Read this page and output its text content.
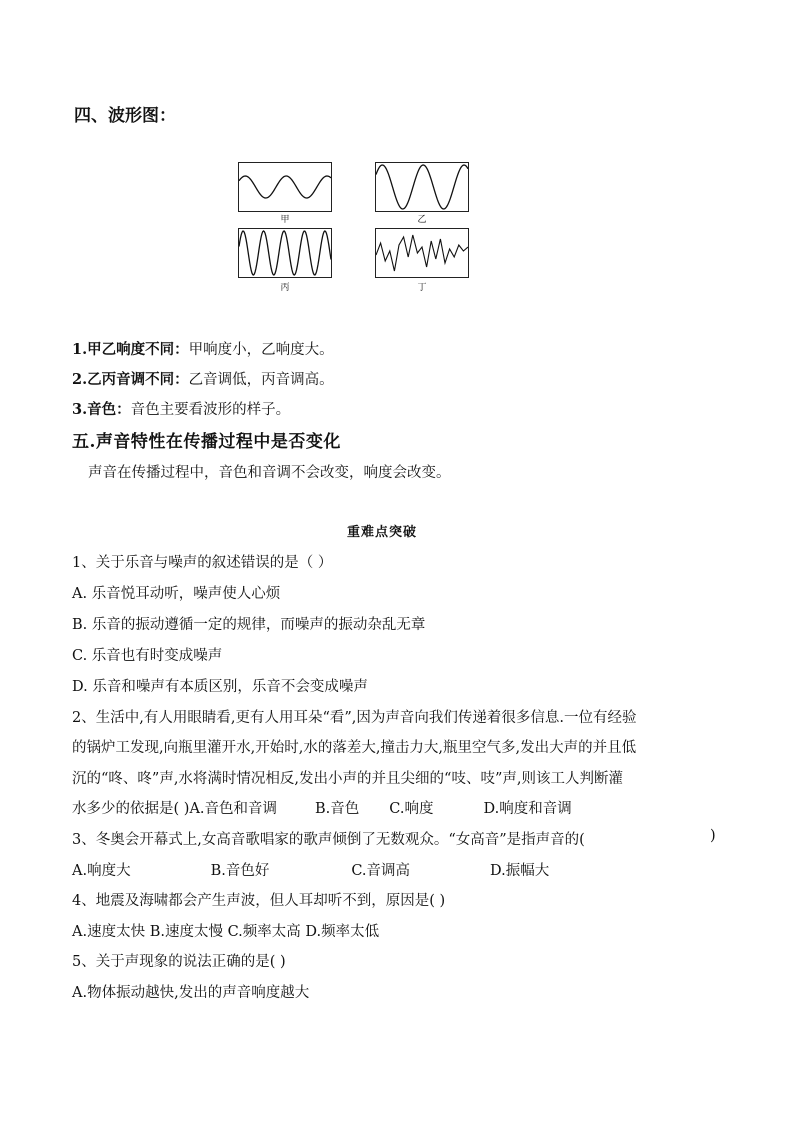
四、波形图：
甲	乙
丙	丁
1.甲乙响度不同：甲响度小，乙响度大。
2.乙丙音调不同：乙音调低，丙音调高。
3.音色：音色主要看波形的样子。
五.声音特性在传播过程中是否变化
声音在传播过程中，音色和音调不会改变，响度会改变。
重难点突破
1、关于乐音与噪声的叙述错误的是（ ）
A. 乐音悦耳动听，噪声使人心烦
B. 乐音的振动遵循一定的规律，而噪声的振动杂乱无章
C. 乐音也有时变成噪声
D. 乐音和噪声有本质区别，乐音不会变成噪声
2、生活中,有人用眼睛看,更有人用耳朵“看”,因为声音向我们传递着很多信息.一位有经验
的锅炉工发现,向瓶里灌开水,开始时,水的落差大,撞击力大,瓶里空气多,发出大声的并且低
沉的“咚、咚”声,水将满时情况相反,发出小声的并且尖细的“吱、吱”声,则该工人判断灌
水多少的依据是( )A.音色和音调	B.音色 C.响度	D.响度和音调
3、冬奥会开幕式上,女高音歌唱家的歌声倾倒了无数观众。“女高音”是指声音的(	)
A.响度大	B.音色好	C.音调高	D.振幅大
4、地震及海啸都会产生声波，但人耳却听不到，原因是( )
A.速度太快 B.速度太慢 C.频率太高 D.频率太低
5、关于声现象的说法正确的是( )
A.物体振动越快,发出的声音响度越大
